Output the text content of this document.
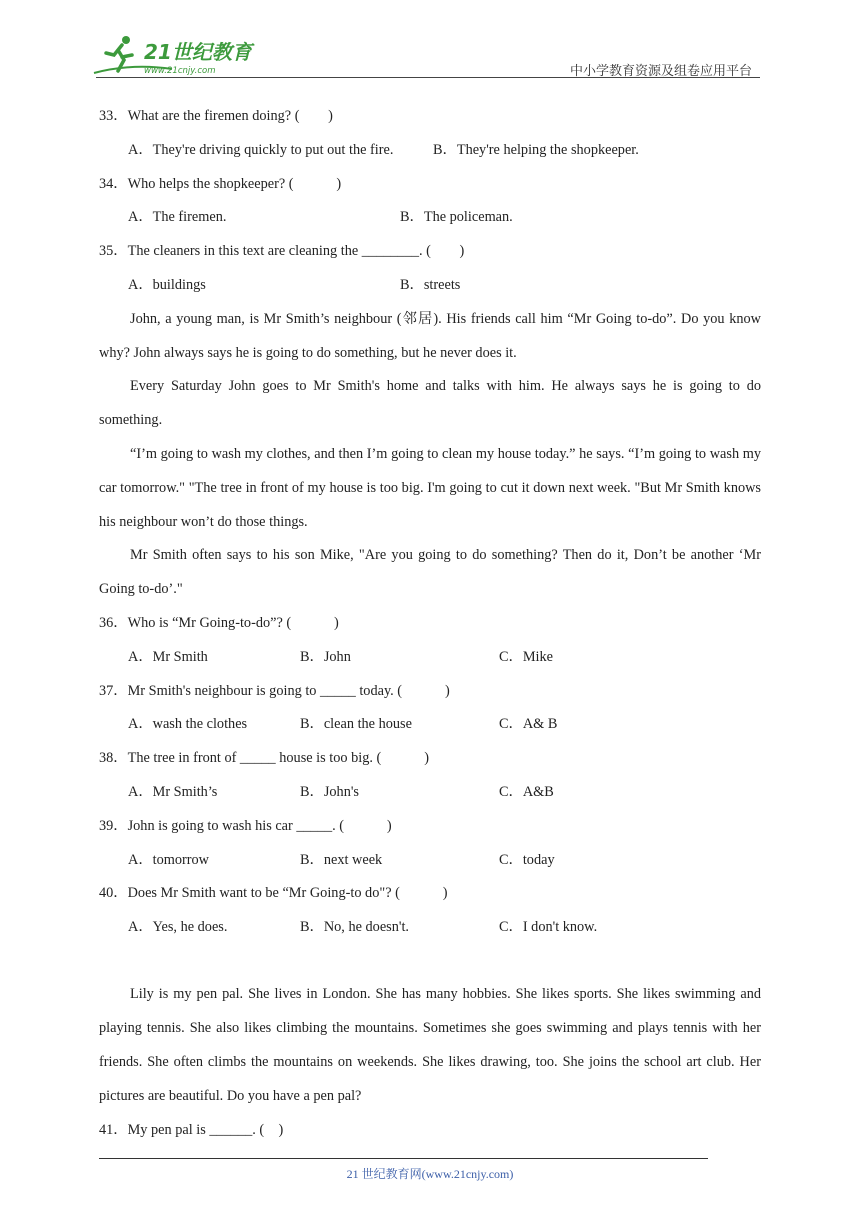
21世纪教育
www.21cnjy.com	中小学教育资源及组卷应用平台
33．What are the firemen doing? (　　)
A．They're driving quickly to put out the fire.	B．They're helping the shopkeeper.
34．Who helps the shopkeeper? (　　　)
A．The firemen.	B．The policeman.
35．The cleaners in this text are cleaning the ________. (　　)
A．buildings	B．streets
John, a young man, is Mr Smith’s neighbour (邻居). His friends call him “Mr Going to-do”. Do you know why? John always says he is going to do something, but he never does it.
Every Saturday John goes to Mr Smith's home and talks with him. He always says he is going to do something.
“I’m going to wash my clothes, and then I’m going to clean my house today.” he says. “I’m going to wash my car tomorrow." "The tree in front of my house is too big. I'm going to cut it down next week. "But Mr Smith knows his neighbour won’t do those things.
Mr Smith often says to his son Mike, "Are you going to do something? Then do it, Don’t be another ‘Mr Going to-do’."
36．Who is “Mr Going-to-do”? (　　　)
A．Mr Smith	B．John	C．Mike
37．Mr Smith's neighbour is going to _____ today. (　　　)
A．wash the clothes	B．clean the house	C．A& B
38．The tree in front of _____ house is too big. (　　　)
A．Mr Smith’s	B．John's	C．A&B
39．John is going to wash his car _____. (　　　)
A．tomorrow	B．next week	C．today
40．Does Mr Smith want to be “Mr Going-to do"? (　　　)
A．Yes, he does.	B．No, he doesn't.	C．I don't know.
Lily is my pen pal. She lives in London. She has many hobbies. She likes sports. She likes swimming and playing tennis. She also likes climbing the mountains. Sometimes she goes swimming and plays tennis with her friends. She often climbs the mountains on weekends. She likes drawing, too. She joins the school art club. Her pictures are beautiful. Do you have a pen pal?
41．My pen pal is ______. (　)
21 世纪教育网(www.21cnjy.com)
